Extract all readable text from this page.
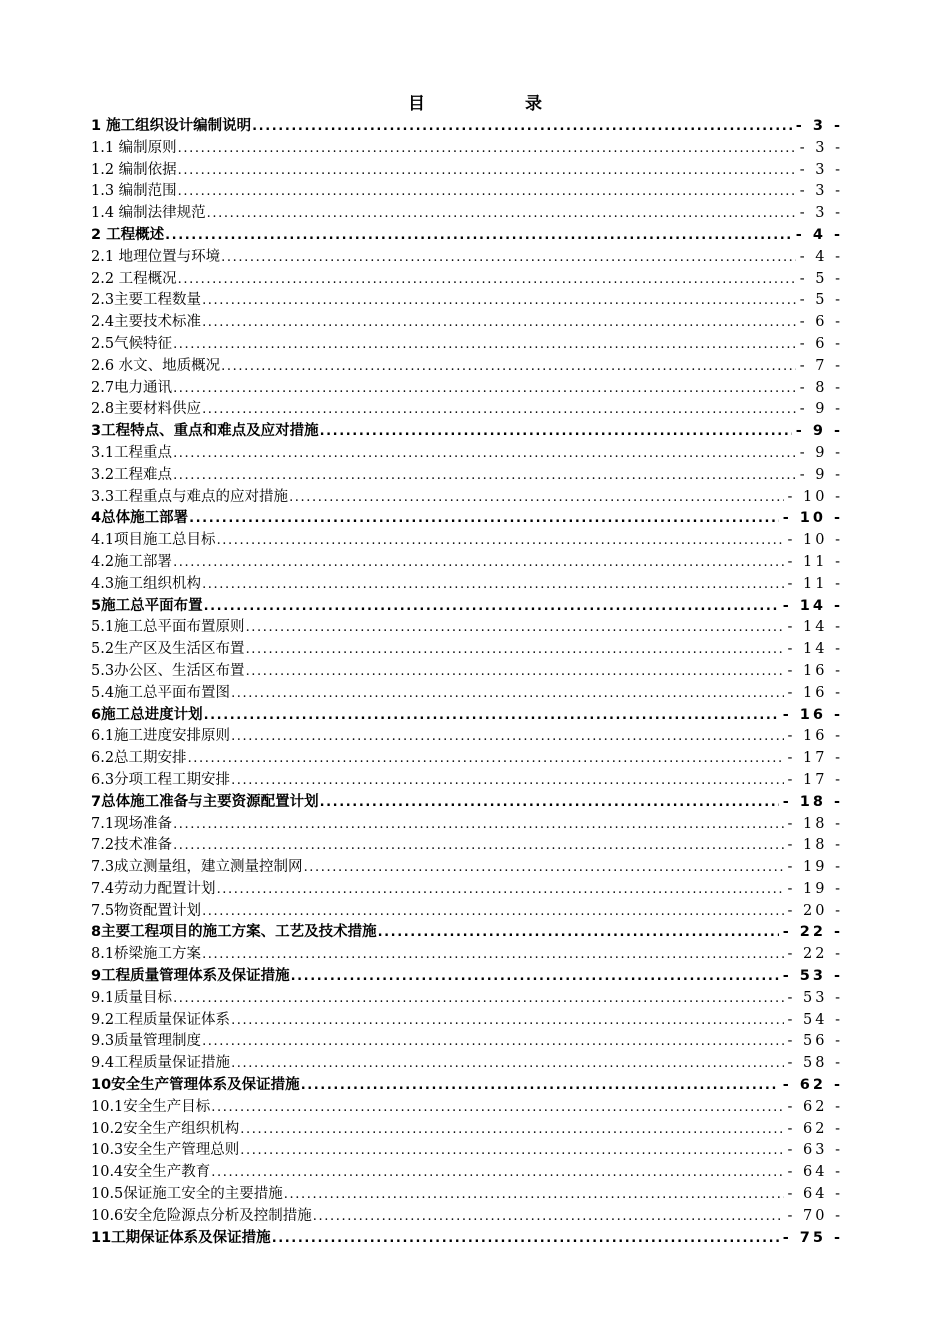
目	录
1 施工组织设计编制说明 .....	- 3 -
1.1 编制原则 .....	- 3 -
1.2 编制依据 .....	- 3 -
1.3 编制范围 .....	- 3 -
1.4 编制法律规范 .....	- 3 -
2 工程概述 .....	- 4 -
2.1 地理位置与环境 .....	- 4 -
2.2 工程概况 .....	- 5 -
2.3主要工程数量 .....	- 5 -
2.4主要技术标准 .....	- 6 -
2.5气候特征 .....	- 6 -
2.6 水文、地质概况 .....	- 7 -
2.7电力通讯 .....	- 8 -
2.8主要材料供应 .....	- 9 -
3工程特点、重点和难点及应对措施 .....	- 9 -
3.1工程重点 .....	- 9 -
3.2工程难点 .....	- 9 -
3.3工程重点与难点的应对措施 .....	- 10 -
4总体施工部署 .....	- 10 -
4.1项目施工总目标 .....	- 10 -
4.2施工部署 .....	- 11 -
4.3施工组织机构 .....	- 11 -
5施工总平面布置 .....	- 14 -
5.1施工总平面布置原则 .....	- 14 -
5.2生产区及生活区布置 .....	- 14 -
5.3办公区、生活区布置 .....	- 16 -
5.4施工总平面布置图 .....	- 16 -
6施工总进度计划 .....	- 16 -
6.1施工进度安排原则 .....	- 16 -
6.2总工期安排 .....	- 17 -
6.3分项工程工期安排 .....	- 17 -
7总体施工准备与主要资源配置计划 .....	- 18 -
7.1现场准备 .....	- 18 -
7.2技术准备 .....	- 18 -
7.3成立测量组，建立测量控制网 .....	- 19 -
7.4劳动力配置计划 .....	- 19 -
7.5物资配置计划 .....	- 20 -
8主要工程项目的施工方案、工艺及技术措施 .....	- 22 -
8.1桥梁施工方案 .....	- 22 -
9工程质量管理体系及保证措施 .....	- 53 -
9.1质量目标 .....	- 53 -
9.2工程质量保证体系 .....	- 54 -
9.3质量管理制度 .....	- 56 -
9.4工程质量保证措施 .....	- 58 -
10安全生产管理体系及保证措施 .....	- 62 -
10.1安全生产目标 .....	- 62 -
10.2安全生产组织机构 .....	- 62 -
10.3安全生产管理总则 .....	- 63 -
10.4安全生产教育 .....	- 64 -
10.5保证施工安全的主要措施 .....	- 64 -
10.6安全危险源点分析及控制措施 .....	- 70 -
11工期保证体系及保证措施 .....	- 75 -
